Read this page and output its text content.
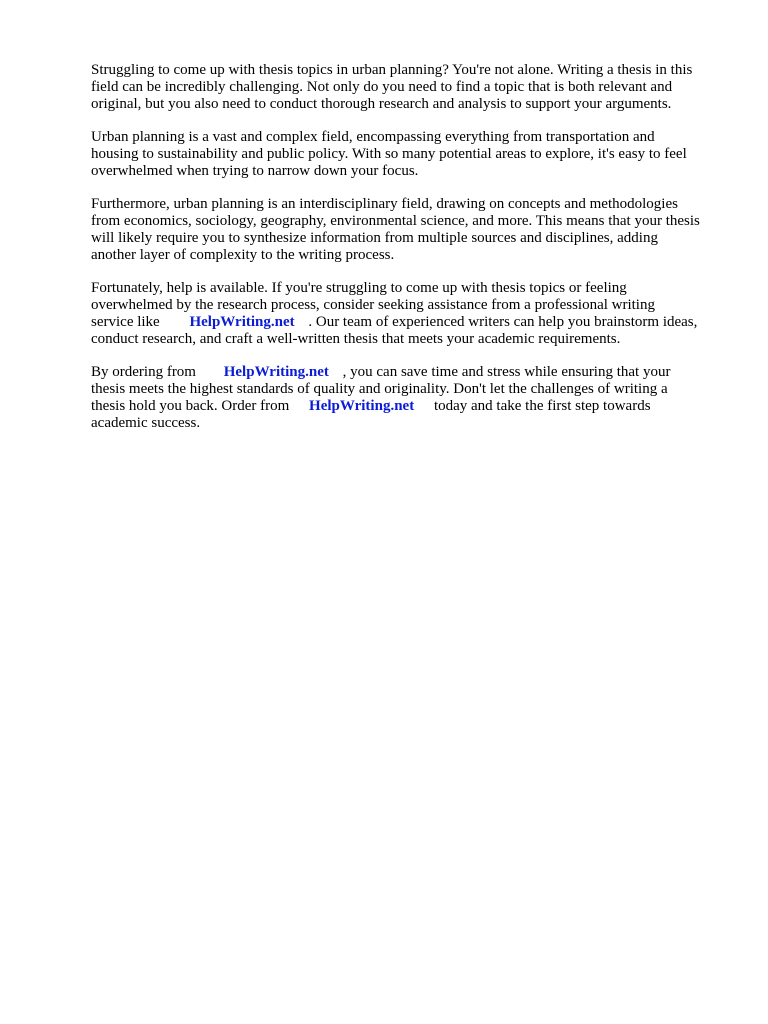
Struggling to come up with thesis topics in urban planning? You're not alone. Writing a thesis in this
field can be incredibly challenging. Not only do you need to find a topic that is both relevant and
original, but you also need to conduct thorough research and analysis to support your arguments.

Urban planning is a vast and complex field, encompassing everything from transportation and
housing to sustainability and public policy. With so many potential areas to explore, it's easy to feel
overwhelmed when trying to narrow down your focus.

Furthermore, urban planning is an interdisciplinary field, drawing on concepts and methodologies
from economics, sociology, geography, environmental science, and more. This means that your thesis
will likely require you to synthesize information from multiple sources and disciplines, adding
another layer of complexity to the writing process.

Fortunately, help is available. If you're struggling to come up with thesis topics or feeling
overwhelmed by the research process, consider seeking assistance from a professional writing
service like HelpWriting.net . Our team of experienced writers can help you brainstorm ideas,
conduct research, and craft a well-written thesis that meets your academic requirements.

By ordering from HelpWriting.net , you can save time and stress while ensuring that your
thesis meets the highest standards of quality and originality. Don't let the challenges of writing a
thesis hold you back. Order from HelpWriting.net today and take the first step towards
academic success.
